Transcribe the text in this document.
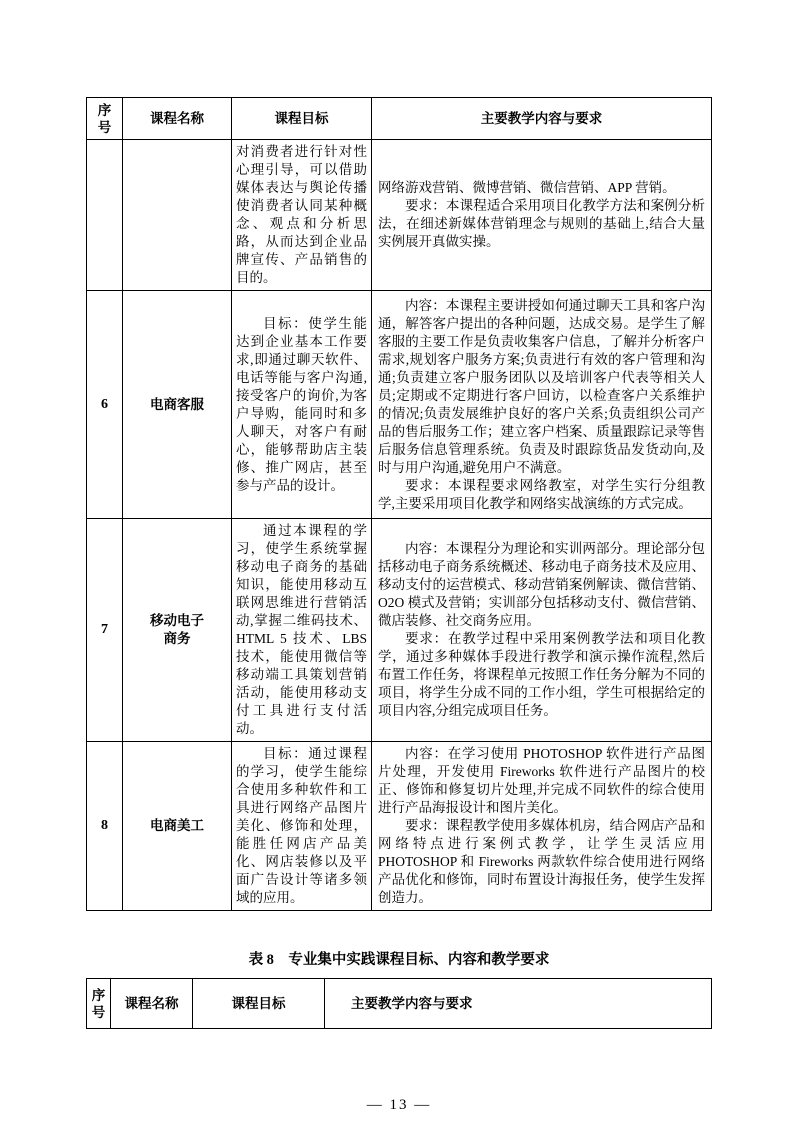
序号	课程名称	课程目标	主要教学内容与要求

		对消费者进行针对性心理引导，可以借助媒体表达与舆论传播使消费者认同某种概念、观点和分析思路，从而达到企业品牌宣传、产品销售的目的。	网络游戏营销、微博营销、微信营销、APP 营销。

要求：本课程适合采用项目化教学方法和案例分析法，在细述新媒体营销理念与规则的基础上,结合大量实例展开真做实操。

6	电商客服	目标：使学生能达到企业基本工作要求,即通过聊天软件、电话等能与客户沟通,接受客户的询价,为客户导购，能同时和多人聊天，对客户有耐心，能够帮助店主装修、推广网店，甚至参与产品的设计。	内容：本课程主要讲授如何通过聊天工具和客户沟通，解答客户提出的各种问题，达成交易。是学生了解客服的主要工作是负责收集客户信息，了解并分析客户需求,规划客户服务方案;负责进行有效的客户管理和沟通;负责建立客户服务团队以及培训客户代表等相关人员;定期或不定期进行客户回访，以检查客户关系维护的情况;负责发展维护良好的客户关系;负责组织公司产品的售后服务工作；建立客户档案、质量跟踪记录等售后服务信息管理系统。负责及时跟踪货品发货动向,及时与用户沟通,避免用户不满意。

要求：本课程要求网络教室，对学生实行分组教学,主要采用项目化教学和网络实战演练的方式完成。

7	移动电子商务	通过本课程的学习，使学生系统掌握移动电子商务的基础知识，能使用移动互联网思维进行营销活动,掌握二维码技术、HTML 5 技术、LBS 技术，能使用微信等移动端工具策划营销活动，能使用移动支付工具进行支付活动。	内容：本课程分为理论和实训两部分。理论部分包括移动电子商务系统概述、移动电子商务技术及应用、移动支付的运营模式、移动营销案例解读、微信营销、O2O 模式及营销；实训部分包括移动支付、微信营销、微店装修、社交商务应用。

要求：在教学过程中采用案例教学法和项目化教学，通过多种媒体手段进行教学和演示操作流程,然后布置工作任务，将课程单元按照工作任务分解为不同的项目，将学生分成不同的工作小组，学生可根据给定的项目内容,分组完成项目任务。

8	电商美工	目标：通过课程的学习，使学生能综合使用多种软件和工具进行网络产品图片美化、修饰和处理，能胜任网店产品美化、网店装修以及平面广告设计等诸多领域的应用。	内容：在学习使用 PHOTOSHOP 软件进行产品图片处理，开发使用 Fireworks 软件进行产品图片的校正、修饰和修复切片处理,并完成不同软件的综合使用进行产品海报设计和图片美化。

要求：课程教学使用多媒体机房，结合网店产品和网络特点进行案例式教学，让学生灵活应用 PHOTOSHOP 和 Fireworks 两款软件综合使用进行网络产品优化和修饰，同时布置设计海报任务，使学生发挥创造力。

表 8　专业集中实践课程目标、内容和教学要求
序号	课程名称	课程目标	主要教学内容与要求
— 13 —
